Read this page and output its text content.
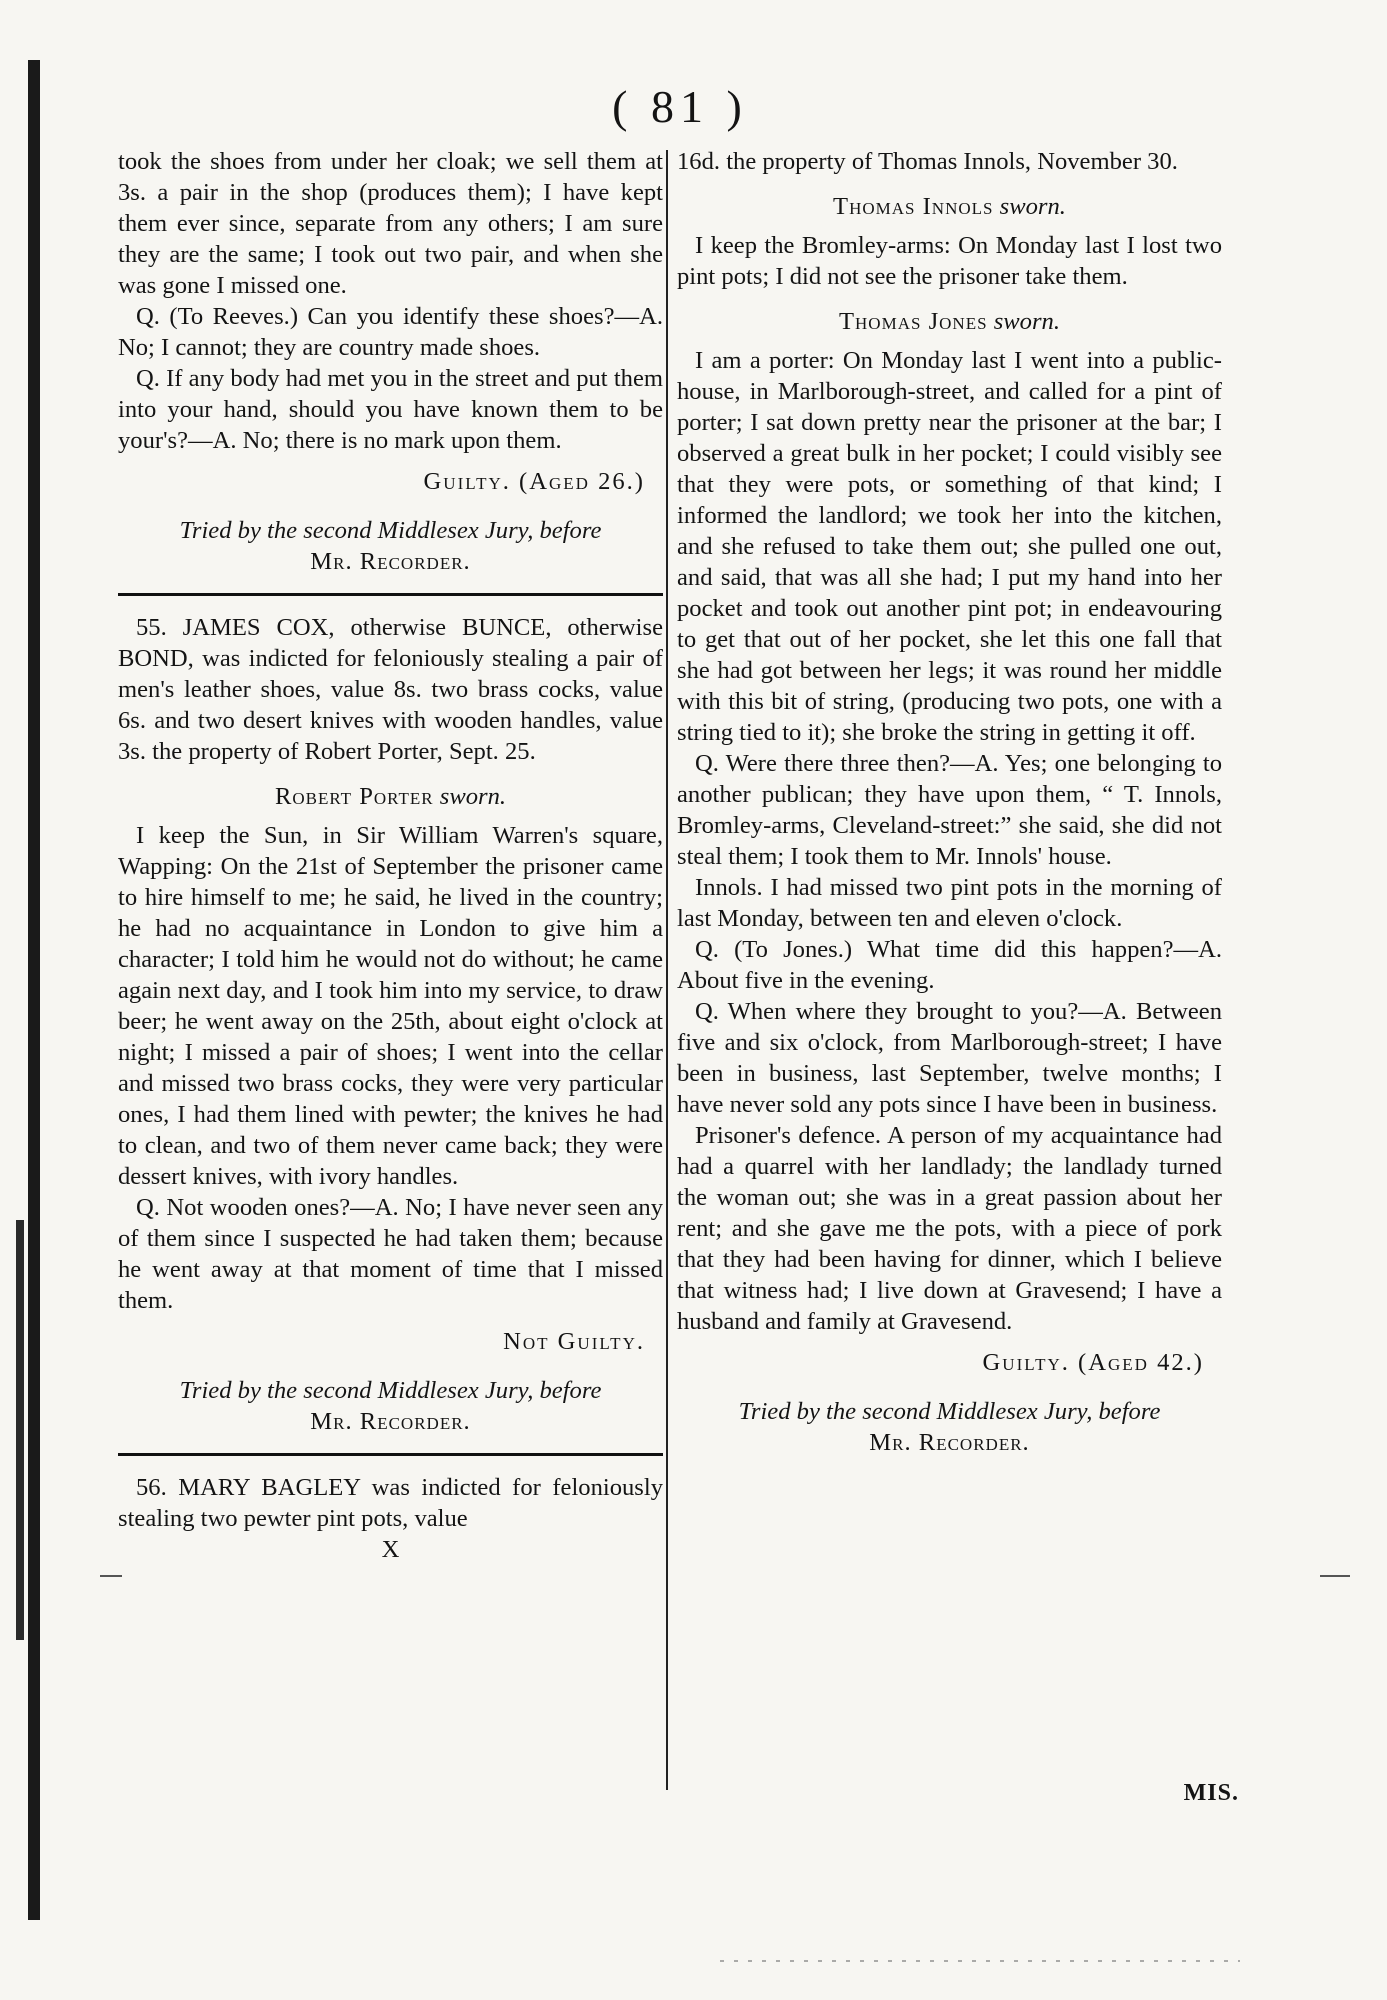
( 81 )

took the shoes from under her cloak; we sell them at 3s. a pair in the shop (produces them); I have kept them ever since, separate from any others; I am sure they are the same; I took out two pair, and when she was gone I missed one.

Q. (To Reeves.) Can you identify these shoes?—A. No; I cannot; they are country made shoes.

Q. If any body had met you in the street and put them into your hand, should you have known them to be your's?—A. No; there is no mark upon them.

Guilty. (Aged 26.)
Tried by the second Middlesex Jury, before
Mr. Recorder.

55. JAMES COX, otherwise BUNCE, otherwise BOND, was indicted for feloniously stealing a pair of men's leather shoes, value 8s. two brass cocks, value 6s. and two desert knives with wooden handles, value 3s. the property of Robert Porter, Sept. 25.

Robert Porter sworn.

I keep the Sun, in Sir William Warren's square, Wapping: On the 21st of September the prisoner came to hire himself to me; he said, he lived in the country; he had no acquaintance in London to give him a character; I told him he would not do without; he came again next day, and I took him into my service, to draw beer; he went away on the 25th, about eight o'clock at night; I missed a pair of shoes; I went into the cellar and missed two brass cocks, they were very particular ones, I had them lined with pewter; the knives he had to clean, and two of them never came back; they were dessert knives, with ivory handles.

Q. Not wooden ones?—A. No; I have never seen any of them since I suspected he had taken them; because he went away at that moment of time that I missed them.

Not Guilty.
Tried by the second Middlesex Jury, before
Mr. Recorder.

56. MARY BAGLEY was indicted for feloniously stealing two pewter pint pots, value

X

16d. the property of Thomas Innols, November 30.

Thomas Innols sworn.

I keep the Bromley-arms: On Monday last I lost two pint pots; I did not see the prisoner take them.

Thomas Jones sworn.

I am a porter: On Monday last I went into a public-house, in Marlborough-street, and called for a pint of porter; I sat down pretty near the prisoner at the bar; I observed a great bulk in her pocket; I could visibly see that they were pots, or something of that kind; I informed the landlord; we took her into the kitchen, and she refused to take them out; she pulled one out, and said, that was all she had; I put my hand into her pocket and took out another pint pot; in endeavouring to get that out of her pocket, she let this one fall that she had got between her legs; it was round her middle with this bit of string, (producing two pots, one with a string tied to it); she broke the string in getting it off.

Q. Were there three then?—A. Yes; one belonging to another publican; they have upon them, “ T. Innols, Bromley-arms, Cleveland-street:” she said, she did not steal them; I took them to Mr. Innols' house.

Innols. I had missed two pint pots in the morning of last Monday, between ten and eleven o'clock.

Q. (To Jones.) What time did this happen?—A. About five in the evening.

Q. When where they brought to you?—A. Between five and six o'clock, from Marlborough-street; I have been in business, last September, twelve months; I have never sold any pots since I have been in business.

Prisoner's defence. A person of my acquaintance had had a quarrel with her landlady; the landlady turned the woman out; she was in a great passion about her rent; and she gave me the pots, with a piece of pork that they had been having for dinner, which I believe that witness had; I live down at Gravesend; I have a husband and family at Gravesend.

Guilty. (Aged 42.)
Tried by the second Middlesex Jury, before
Mr. Recorder.
MIS.
